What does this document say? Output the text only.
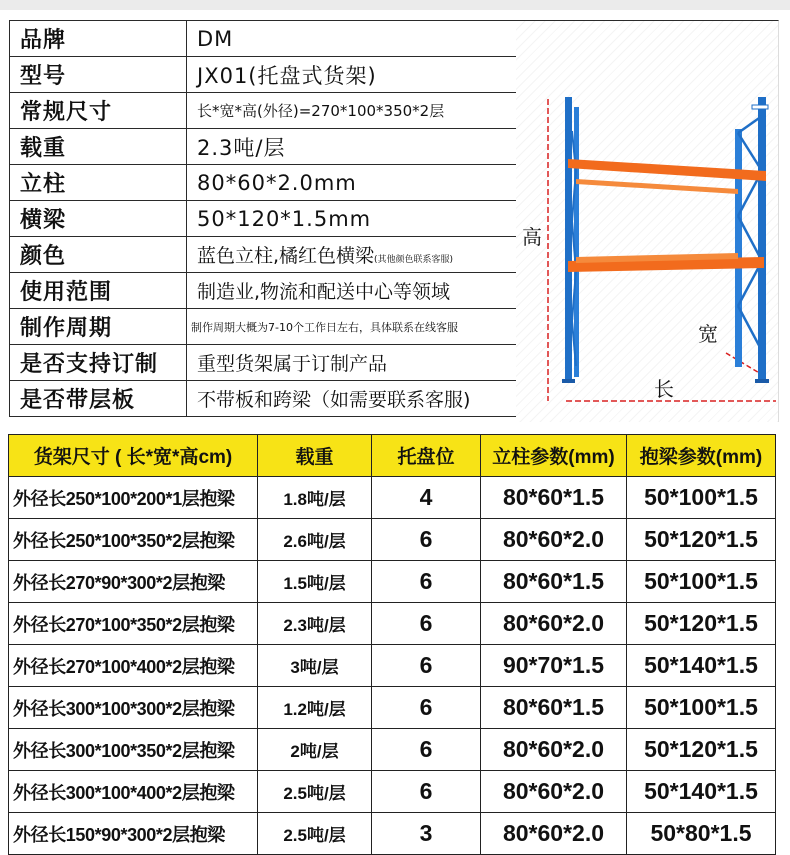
品牌	DM
型号	JX01(托盘式货架)
常规尺寸	长*宽*高(外径)=270*100*350*2层
载重	2.3吨/层
立柱	80*60*2.0mm
横梁	50*120*1.5mm
颜色	蓝色立柱,橘红色横梁(其他颜色联系客服)
使用范围	制造业,物流和配送中心等领域
制作周期	制作周期大概为7-10个工作日左右，具体联系在线客服
是否支持订制	重型货架属于订制产品
是否带层板	不带板和跨梁（如需要联系客服)
高
宽
长
货架尺寸 ( 长*宽*高cm)	载重	托盘位	立柱参数(mm)	抱梁参数(mm)
外径长250*100*200*1层抱梁	1.8吨/层	4	80*60*1.5	50*100*1.5
外径长250*100*350*2层抱梁	2.6吨/层	6	80*60*2.0	50*120*1.5
外径长270*90*300*2层抱梁	1.5吨/层	6	80*60*1.5	50*100*1.5
外径长270*100*350*2层抱梁	2.3吨/层	6	80*60*2.0	50*120*1.5
外径长270*100*400*2层抱梁	3吨/层	6	90*70*1.5	50*140*1.5
外径长300*100*300*2层抱梁	1.2吨/层	6	80*60*1.5	50*100*1.5
外径长300*100*350*2层抱梁	2吨/层	6	80*60*2.0	50*120*1.5
外径长300*100*400*2层抱梁	2.5吨/层	6	80*60*2.0	50*140*1.5
外径长150*90*300*2层抱梁	2.5吨/层	3	80*60*2.0	50*80*1.5
